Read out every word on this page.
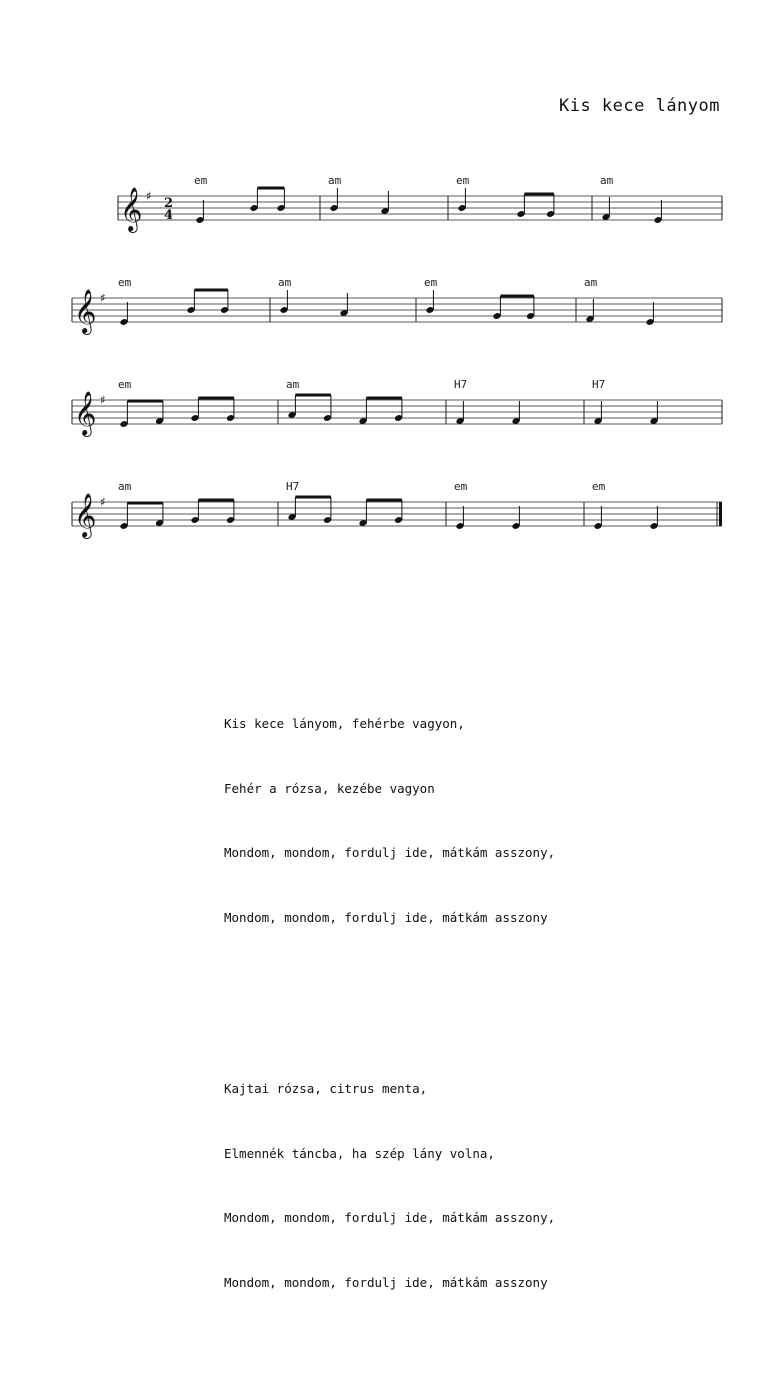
Kis kece lányom
𝄞 ♯ 2
4
em	am	em	am
𝄞 ♯
em	am	em	am
𝄞 ♯
em	am	H7	H7
𝄞 ♯
am	H7	em	em

Kis kece lányom, fehérbe vagyon,

Fehér a rózsa, kezébe vagyon

Mondom, mondom, fordulj ide, mátkám asszony,

Mondom, mondom, fordulj ide, mátkám asszony

Kajtai rózsa, citrus menta,

Elmennék táncba, ha szép lány volna,

Mondom, mondom, fordulj ide, mátkám asszony,

Mondom, mondom, fordulj ide, mátkám asszony
